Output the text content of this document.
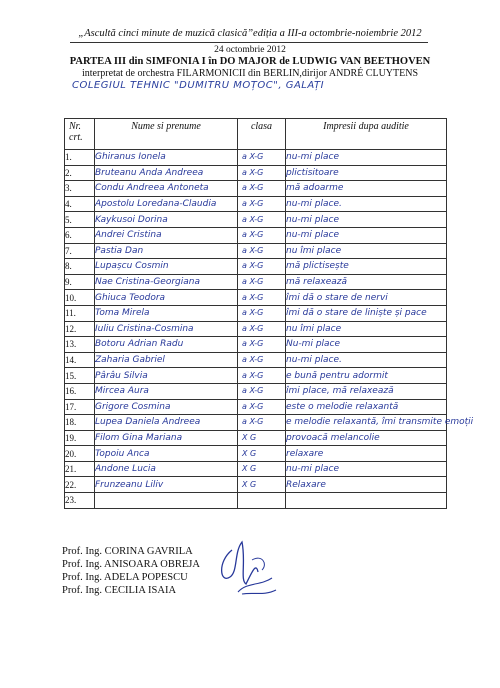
„Ascultă cinci minute de muzică clasică”ediția a III-a octombrie-noiembrie 2012
24 octombrie 2012
PARTEA III din SIMFONIA I în DO MAJOR de LUDWIG VAN BEETHOVEN
interpretat de orchestra FILARMONICII din BERLIN,dirijor ANDRÉ CLUYTENS
COLEGIUL TEHNIC "DUMITRU MOȚOC", GALAȚI
Nr. crt.	Nume si prenume	clasa	Impresii dupa auditie
1.	Ghiranus Ionela	a X-G	nu-mi place
2.	Bruteanu Anda Andreea	a X-G	plictisitoare
3.	Condu Andreea Antoneta	a X-G	mă adoarme
4.	Apostolu Loredana-Claudia	a X-G	nu-mi place.
5.	Kaykusoi Dorina	a X-G	nu-mi place
6.	Andrei Cristina	a X-G	nu-mi place
7.	Pastia Dan	a X-G	nu îmi place
8.	Lupașcu Cosmin	a X-G	mă plictisește
9.	Nae Cristina-Georgiana	a X-G	mă relaxează
10.	Ghiuca Teodora	a X-G	îmi dă o stare de nervi
11.	Toma Mirela	a X-G	îmi dă o stare de liniște și pace
12.	Iuliu Cristina-Cosmina	a X-G	nu îmi place
13.	Botoru Adrian Radu	a X-G	Nu-mi place
14.	Zaharia Gabriel	a X-G	nu-mi place.
15.	Pârâu Silvia	a X-G	e bună pentru adormit
16.	Mircea Aura	a X-G	îmi place, mă relaxează
17.	Grigore Cosmina	a X-G	este o melodie relaxantă
18.	Lupea Daniela Andreea	a X-G	e melodie relaxantă, îmi transmite emoții
19.	Filom Gina Mariana	X G	provoacă melancolie
20.	Topoiu Anca	X G	relaxare
21.	Andone Lucia	X G	nu-mi place
22.	Frunzeanu Liliv	X G	Relaxare
23.			
Prof. Ing. CORINA GAVRILA
Prof. Ing. ANISOARA OBREJA
Prof. Ing. ADELA POPESCU
Prof. Ing. CECILIA ISAIA
